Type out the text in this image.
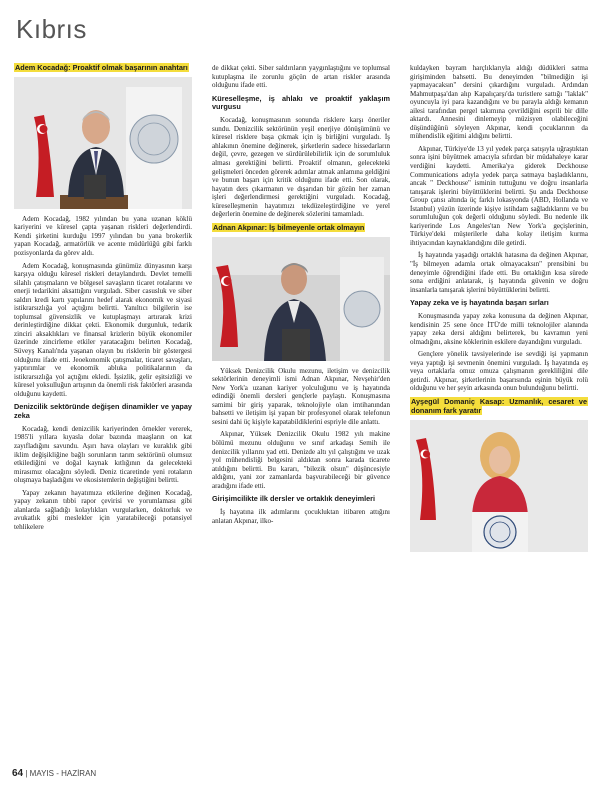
Kıbrıs
Adem Kocadağ: Proaktif olmak başarının anahtarı

Adem Kocadağ, 1982 yılından bu yana uzanan köklü kariyerini ve küresel çapta yaşanan riskleri değerlendirdi. Kendi şirketini kurduğu 1997 yılından bu yana brokerlik yapan Kocadağ, armatörlük ve acente müdürlüğü gibi farklı pozisyonlarda da görev aldı.

Adem Kocadağ, konuşmasında günümüz dünyasının karşı karşıya olduğu küresel riskleri detaylandırdı. Devlet temelli silahlı çatışmaların ve bölgesel savaşların ticaret rotalarını ve enerji tedarikini aksattığını vurguladı. Siber casusluk ve siber saldırı kredi kartı yapılarını hedef alarak ekonomik ve siyasi istikrarsızlığa yol açtığını belirtti. Yanıltıcı bilgilerin ise toplumsal güvensizlik ve kutuplaşmayı artırarak krizi derinleştirdiğine dikkat çekti. Ekonomik durgunluk, tedarik zinciri aksaklıkları ve finansal krizlerin büyük ekonomiler üzerinde zincirleme etkiler yaratacağını belirten Kocadağ, Süveyş Kanalı'nda yaşanan olayın bu risklerin bir göstergesi olduğunu ifade etti. Jeoekonomik çatışmalar, ticaret savaşları, yaptırımlar ve ekonomik abluka politikalarının da istikrarsızlığa yol açtığını ekledi. İşsizlik, gelir eşitsizliği ve küresel yoksulluğun artışının da önemli risk faktörleri arasında olduğunu kaydetti.

Denizcilik sektöründe değişen dinamikler ve yapay zeka

Kocadağ, kendi denizcilik kariyerinden örnekler vererek, 1985'li yıllara kıyasla dolar bazında maaşların on kat zayıfladığını savundu. Aşırı hava olayları ve kuraklık gibi iklim değişikliğine bağlı sorunların tarım sektörünü olumsuz etkilediğini ve doğal kaynak kıtlığının da gelecekteki mirasımız olacağını söyledi. Deniz ticaretinde yeni rotaların oluşmaya başladığını ve ekosistemlerin değiştiğini belirtti.

Yapay zekanın hayatımıza etkilerine değinen Kocadağ, yapay zekanın tıbbi rapor çevirisi ve yorumlaması gibi alanlarda sağladığı kolaylıkları vurgularken, doktorluk ve avukatlık gibi meslekler için yaratabileceği potansiyel tehlikelere

de dikkat çekti. Siber saldırıların yaygınlaştığını ve toplumsal kutuplaşma ile zorunlu göçün de artan riskler arasında olduğunu ifade etti.

Küreselleşme, iş ahlakı ve proaktif yaklaşım vurgusu

Kocadağ, konuşmasının sonunda risklere karşı öneriler sundu. Denizcilik sektörünün yeşil enerjiye dönüşümünü ve küresel risklere başa çıkmak için iş birliğini vurguladı. İş ahlakının önemine değinerek, şirketlerin sadece hissedarların değil, çevre, gezegen ve sürdürülebilirlik için de sorumluluk alması gerektiğini belirtti. Proaktif olmanın, gelecekteki gelişmeleri önceden görerek adımlar atmak anlamına geldiğini ve bunun başarı için kritik olduğunu ifade etti. Son olarak, hayatın ders çıkarmanın ve dışarıdan bir gözün her zaman işleri değerlendirmesi gerektiğini vurguladı. Kocadağ, küreselleşmenin hayatımızı tekdüzeleştirdiğine ve yerel değerlerin önemine de değinerek sözlerini tamamladı.

Adnan Akpınar: İş bilmeyenle ortak olmayın

Yüksek Denizcilik Okulu mezunu, iletişim ve denizcilik sektörlerinin deneyimli ismi Adnan Akpınar, Nevşehir'den New York'a uzanan kariyer yolculuğunu ve iş hayatında edindiği önemli dersleri gençlerle paylaştı. Konuşmasına samimi bir giriş yaparak, teknolojiyle olan imtihanından bahsetti ve iletişim işi yapan bir profesyonel olarak telefonun sesini dahi üç kişiyle kapatabildiklerini espriyle dile anlattı.

Akpınar, Yüksek Denizcilik Okulu 1982 yılı makine bölümü mezunu olduğunu ve sınıf arkadaşı Semih ile denizcilik yıllarını yad etti. Denizde altı yıl çalıştığını ve uzak yol mühendisliği belgesini aldıktan sonra karada ticarete atıldığını belirtti. Bu kararı, "bilezik olsun" düşüncesiyle aldığını, yani zor zamanlarda başvurabileceği bir güvence aradığını ifade etti.

Girişimcilikte ilk dersler ve ortaklık deneyimleri

İş hayatına ilk adımlarını çocukluktan itibaren attığını anlatan Akpınar, ilko-

kuldayken bayram harçlıklarıyla aldığı düdükleri satma girişiminden bahsetti. Bu deneyimden "bilmediğin işi yapmayacaksın" dersini çıkardığını vurguladı. Ardından Mahmutpaşa'dan alıp Kapalıçarşı'da turistlere sattığı "laklak" oyuncuyla iyi para kazandığını ve bu parayla aldığı kemanın ailesi tarafından pergel takımına çevrildiğini esprili bir dille aktardı. Annesini dinlemeyip müzisyen olabileceğini düşündüğünü söyleyen Akpınar, kendi çocuklarının da mühendislik eğitimi aldığını belirtti.

Akpınar, Türkiye'de 13 yıl yedek parça satışıyla uğraştıktan sonra işini büyütmek amacıyla sıfırdan bir müdahaleye karar verdiğini kaydetti. Amerika'ya giderek Deckhouse Communications adıyla yedek parça satmaya başladıklarını, ancak " Deckhouse" isminin tuttuğunu ve doğru insanlarla tanışarak işlerini büyüttüklerini belirtti. Şu anda Deckhouse Group çatısı altında üç farklı lokasyonda (ABD, Hollanda ve İstanbul) yüzün üzerinde kişiye istihdam sağladıklarını ve bu sorumluluğun çok değerli olduğunu söyledi. Bu nedenle ilk kariyerinde Los Angeles'tan New York'a geçişlerinin, Türkiye'deki müşterilerle daha kolay iletişim kurma ihtiyacından kaynaklandığını dile getirdi.

İş hayatında yaşadığı ortaklık hatasına da değinen Akpınar, "İş bilmeyen adamla ortak olmayacaksın" prensibini bu deneyimle öğrendiğini ifade etti. Bu ortaklığın kısa sürede sona erdiğini anlatarak, iş hayatında güvenin ve doğru insanlarla tanışarak işlerini büyüttüklerini belirtti.

Yapay zeka ve iş hayatında başarı sırları

Konuşmasında yapay zeka konusuna da değinen Akpınar, kendisinin 25 sene önce İTÜ'de milli teknolojiler alanında yapay zeka dersi aldığını belirterek, bu kavramın yeni olmadığını, aksine köklerinin eskilere dayandığını vurguladı.

Gençlere yönelik tavsiyelerinde ise sevdiği işi yapmanın veya yaptığı işi sevmenin önemini vurguladı. İş hayatında eş veya ortaklarla omuz omuza çalışmanın gerekliliğini dile getirdi. Akpınar, şirketlerinin başarısında eşinin büyük rolü olduğunu ve her şeyin arkasında onun bulunduğunu belirtti.

Ayşegül Domaniç Kasap: Uzmanlık, cesaret ve donanım fark yaratır
64 | MAYIS - HAZİRAN
